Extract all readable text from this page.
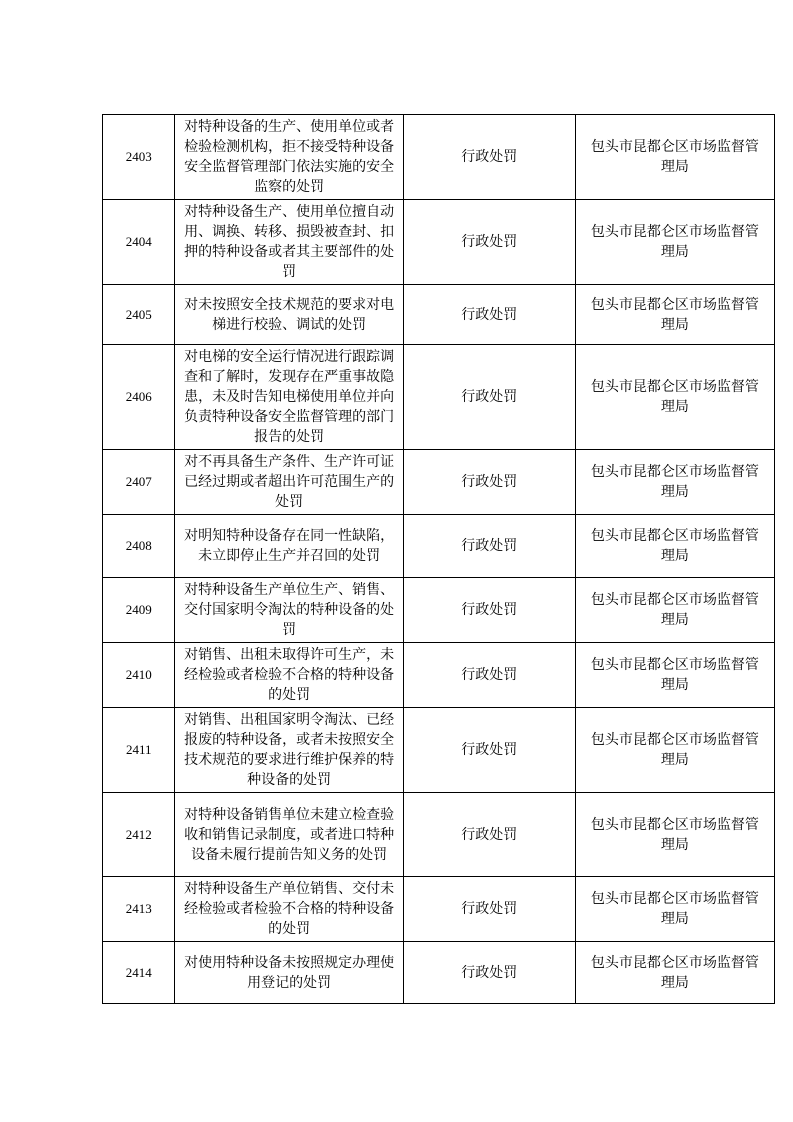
2403	对特种设备的生产、使用单位或者检验检测机构，拒不接受特种设备安全监督管理部门依法实施的安全监察的处罚	行政处罚	包头市昆都仑区市场监督管理局

2404	对特种设备生产、使用单位擅自动用、调换、转移、损毁被查封、扣押的特种设备或者其主要部件的处罚	行政处罚	包头市昆都仑区市场监督管理局

2405	对未按照安全技术规范的要求对电梯进行校验、调试的处罚	行政处罚	包头市昆都仑区市场监督管理局

2406	对电梯的安全运行情况进行跟踪调查和了解时，发现存在严重事故隐患，未及时告知电梯使用单位并向负责特种设备安全监督管理的部门报告的处罚	行政处罚	包头市昆都仑区市场监督管理局

2407	对不再具备生产条件、生产许可证已经过期或者超出许可范围生产的处罚	行政处罚	包头市昆都仑区市场监督管理局

2408	对明知特种设备存在同一性缺陷，未立即停止生产并召回的处罚	行政处罚	包头市昆都仑区市场监督管理局

2409	对特种设备生产单位生产、销售、交付国家明令淘汰的特种设备的处罚	行政处罚	包头市昆都仑区市场监督管理局

2410	对销售、出租未取得许可生产，未经检验或者检验不合格的特种设备的处罚	行政处罚	包头市昆都仑区市场监督管理局

2411	对销售、出租国家明令淘汰、已经报废的特种设备，或者未按照安全技术规范的要求进行维护保养的特种设备的处罚	行政处罚	包头市昆都仑区市场监督管理局

2412	对特种设备销售单位未建立检查验收和销售记录制度，或者进口特种设备未履行提前告知义务的处罚	行政处罚	包头市昆都仑区市场监督管理局

2413	对特种设备生产单位销售、交付未经检验或者检验不合格的特种设备的处罚	行政处罚	包头市昆都仑区市场监督管理局

2414	对使用特种设备未按照规定办理使用登记的处罚	行政处罚	包头市昆都仑区市场监督管理局
